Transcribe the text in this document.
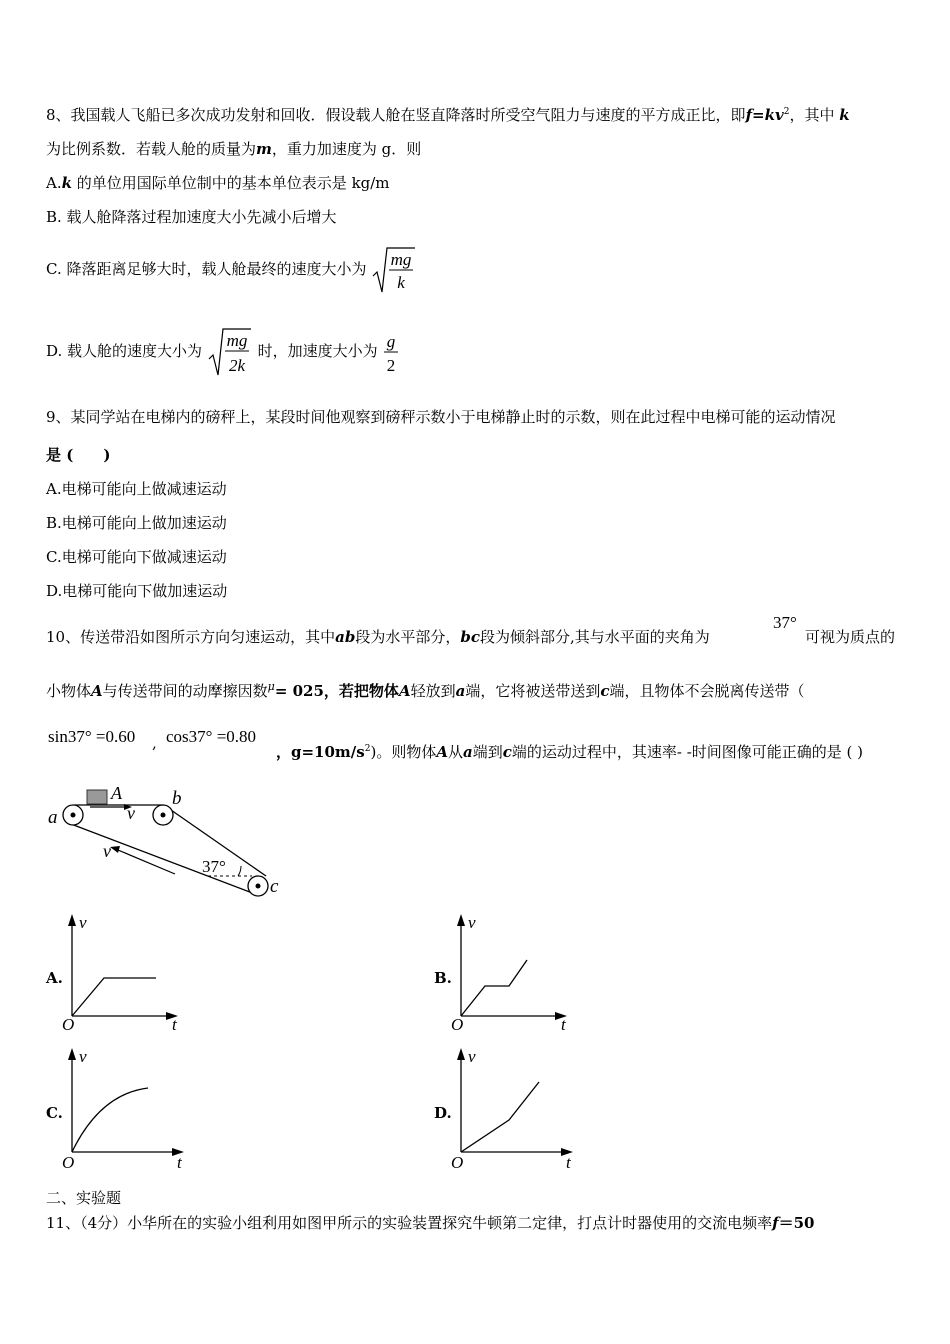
8、我国载人飞船已多次成功发射和回收．假设载人舱在竖直降落时所受空气阻力与速度的平方成正比，即$f=kv^2$，其中 k
为比例系数．若载人舱的质量为m，重力加速度为 g．则
A.k 的单位用国际单位制中的基本单位表示是 kg/m
B. 载人舱降落过程加速度大小先减小后增大
C. 降落距离足够大时，载人舱最终的速度大小为 mg
k
D. 载人舱的速度大小为
mg
2k
时，加速度大小为 g
2
9、某同学站在电梯内的磅秤上，某段时间他观察到磅秤示数小于电梯静止时的示数，则在此过程中电梯可能的运动情况
是 (　　)
A.电梯可能向上做减速运动
B.电梯可能向上做加速运动
C.电梯可能向下做减速运动
D.电梯可能向下做加速运动
10、传送带沿如图所示方向匀速运动，其中ab段为水平部分，bc段为倾斜部分,其与水平面的夹角为
37°
可视为质点的
小物体A与传送带间的动摩擦因数$^\mu$= 025，若把物体A轻放到a端，它将被送带送到c端，且物体不会脱离传送带（
sin37° =0.60 , cos37° =0.80
，$g=10m/s^2$)。则物体A从a端到c端的运动过程中，其速率- -时间图像可能正确的是 ( )
a
b
c
A
v
v
37°
A.
v
t
O
B.
v
t
O
C.
v
t
O
D.
v
t
O
二、实验题
11、（4分）小华所在的实验小组利用如图甲所示的实验装置探究牛顿第二定律，打点计时器使用的交流电频率f＝50
